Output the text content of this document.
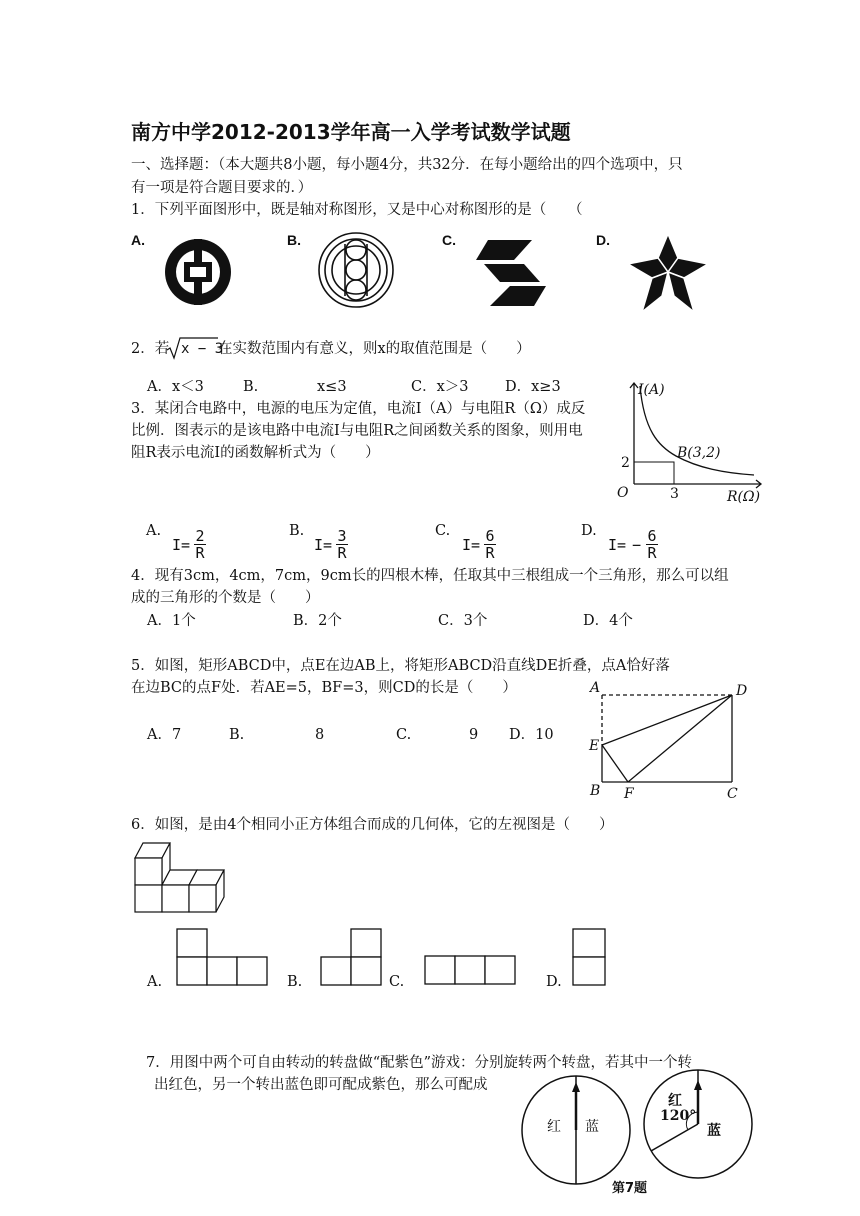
南方中学2012-2013学年高一入学考试数学试题
一、选择题：（本大题共8小题，每小题4分，共32分．在每小题给出的四个选项中，只
有一项是符合题目要求的．）
1．下列平面图形中，既是轴对称图形，又是中心对称图形的是（　　（
A.	B.	C.	D.
2．若 x − 3
在实数范围内有意义，则x的取值范围是（　　）
A．x＜3	B.	x≤3	C．x＞3	D．x≥3
3．某闭合电路中，电源的电压为定值，电流I（A）与电阻R（Ω）成反
比例．图表示的是该电路中电流I与电阻R之间函数关系的图象，则用电
阻R表示电流I的函数解析式为（　　）
I(A)
R(Ω)
O
B(3,2)
2
3
A.
$I= \frac{2}{R}$	B.
$I= \frac{3}{R}$	C.
$I= \frac{6}{R}$	D.
$I= - \frac{6}{R}$
4．现有3cm，4cm，7cm，9cm长的四根木棒，任取其中三根组成一个三角形，那么可以组
成的三角形的个数是（　　）
A．1个	B．2个	C．3个	D．4个
5．如图，矩形ABCD中，点E在边AB上，将矩形ABCD沿直线DE折叠，点A恰好落
在边BC的点F处．若AE=5，BF=3，则CD的长是（　　）
A．7	B.	8	C.	9 D．10
A	D
E
B F	C
6．如图，是由4个相同小正方体组合而成的几何体，它的左视图是（　　）
A.	B.	C.	D.
7．用图中两个可自由转动的转盘做“配紫色”游戏：分别旋转两个转盘，若其中一个转
出红色，另一个转出蓝色即可配成紫色，那么可配成
红 蓝
红
120°
蓝
第7题
